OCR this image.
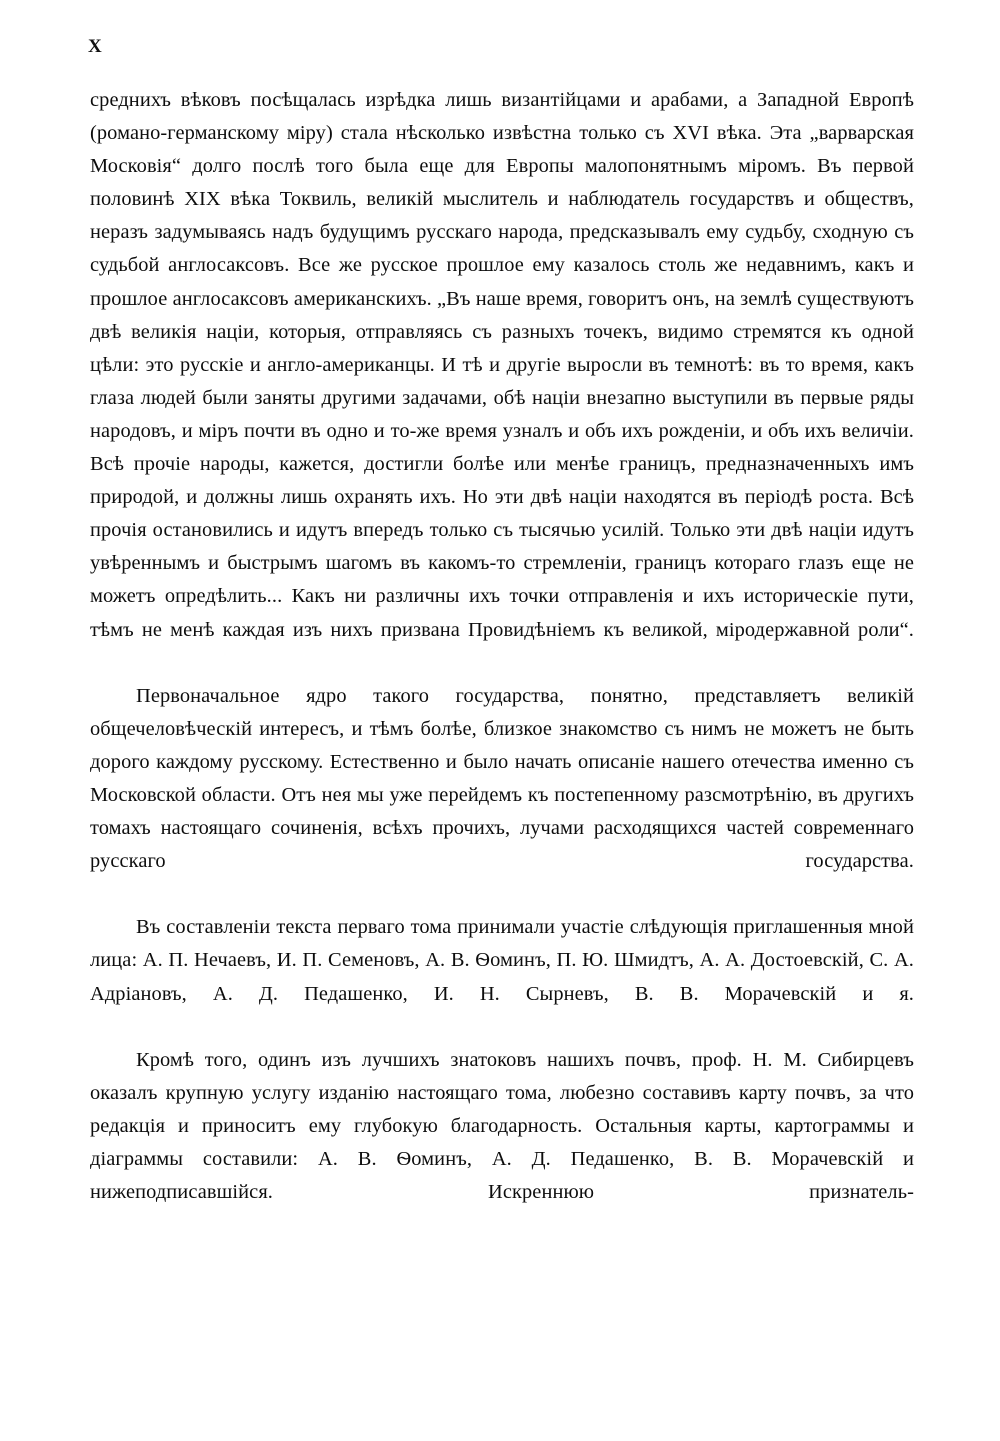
X

среднихъ вѣковъ посѣщалась изрѣдка лишь византійцами и арабами, а Западной Европѣ (романо-германскому міру) стала нѣсколько извѣстна только съ XVI вѣка. Эта „варварская Московія“ долго послѣ того была еще для Европы малопонятнымъ міромъ. Въ первой половинѣ XIX вѣка Токвиль, великій мыслитель и наблюдатель государствъ и обществъ, неразъ задумываясь надъ будущимъ русскаго народа, предсказывалъ ему судьбу, сходную съ судьбой англосаксовъ. Все же русское прошлое ему казалось столь же недавнимъ, какъ и прошлое англосаксовъ американскихъ. „Въ наше время, говоритъ онъ, на землѣ существуютъ двѣ великія націи, которыя, отправляясь съ разныхъ точекъ, видимо стремятся къ одной цѣли: это русскіе и англо-американцы. И тѣ и другіе выросли въ темнотѣ: въ то время, какъ глаза людей были заняты другими задачами, обѣ націи внезапно выступили въ первые ряды народовъ, и міръ почти въ одно и то-же время узналъ и объ ихъ рожденіи, и объ ихъ величіи. Всѣ прочіе народы, кажется, достигли болѣе или менѣе границъ, предназначенныхъ имъ природой, и должны лишь охранять ихъ. Но эти двѣ націи находятся въ періодѣ роста. Всѣ прочія остановились и идутъ впередъ только съ тысячью усилій. Только эти двѣ націи идутъ увѣреннымъ и быстрымъ шагомъ въ какомъ-то стремленіи, границъ котораго глазъ еще не можетъ опредѣлить... Какъ ни различны ихъ точки отправленія и ихъ историческіе пути, тѣмъ не менѣ каждая изъ нихъ призвана Провидѣніемъ къ великой, міродержавной роли“.

Первоначальное ядро такого государства, понятно, представляетъ великій общечеловѣческій интересъ, и тѣмъ болѣе, близкое знакомство съ нимъ не можетъ не быть дорого каждому русскому. Естественно и было начать описаніе нашего отечества именно съ Московской области. Отъ нея мы уже перейдемъ къ постепенному разсмотрѣнію, въ другихъ томахъ настоящаго сочиненія, всѣхъ прочихъ, лучами расходящихся частей современнаго русскаго государства.

Въ составленіи текста перваго тома принимали участіе слѣдующія приглашенныя мной лица: А. П. Нечаевъ, И. П. Семеновъ, А. В. Ѳоминъ, П. Ю. Шмидтъ, А. А. Достоевскій, С. А. Адріановъ, А. Д. Педашенко, И. Н. Сырневъ, В. В. Морачевскій и я.

Кромѣ того, одинъ изъ лучшихъ знатоковъ нашихъ почвъ, проф. Н. М. Сибирцевъ оказалъ крупную услугу изданію настоящаго тома, любезно составивъ карту почвъ, за что редакція и приноситъ ему глубокую благодарность. Остальныя карты, картограммы и діаграммы составили: А. В. Ѳоминъ, А. Д. Педашенко, В. В. Морачевскій и нижеподписавшійся. Искреннюю признатель-
